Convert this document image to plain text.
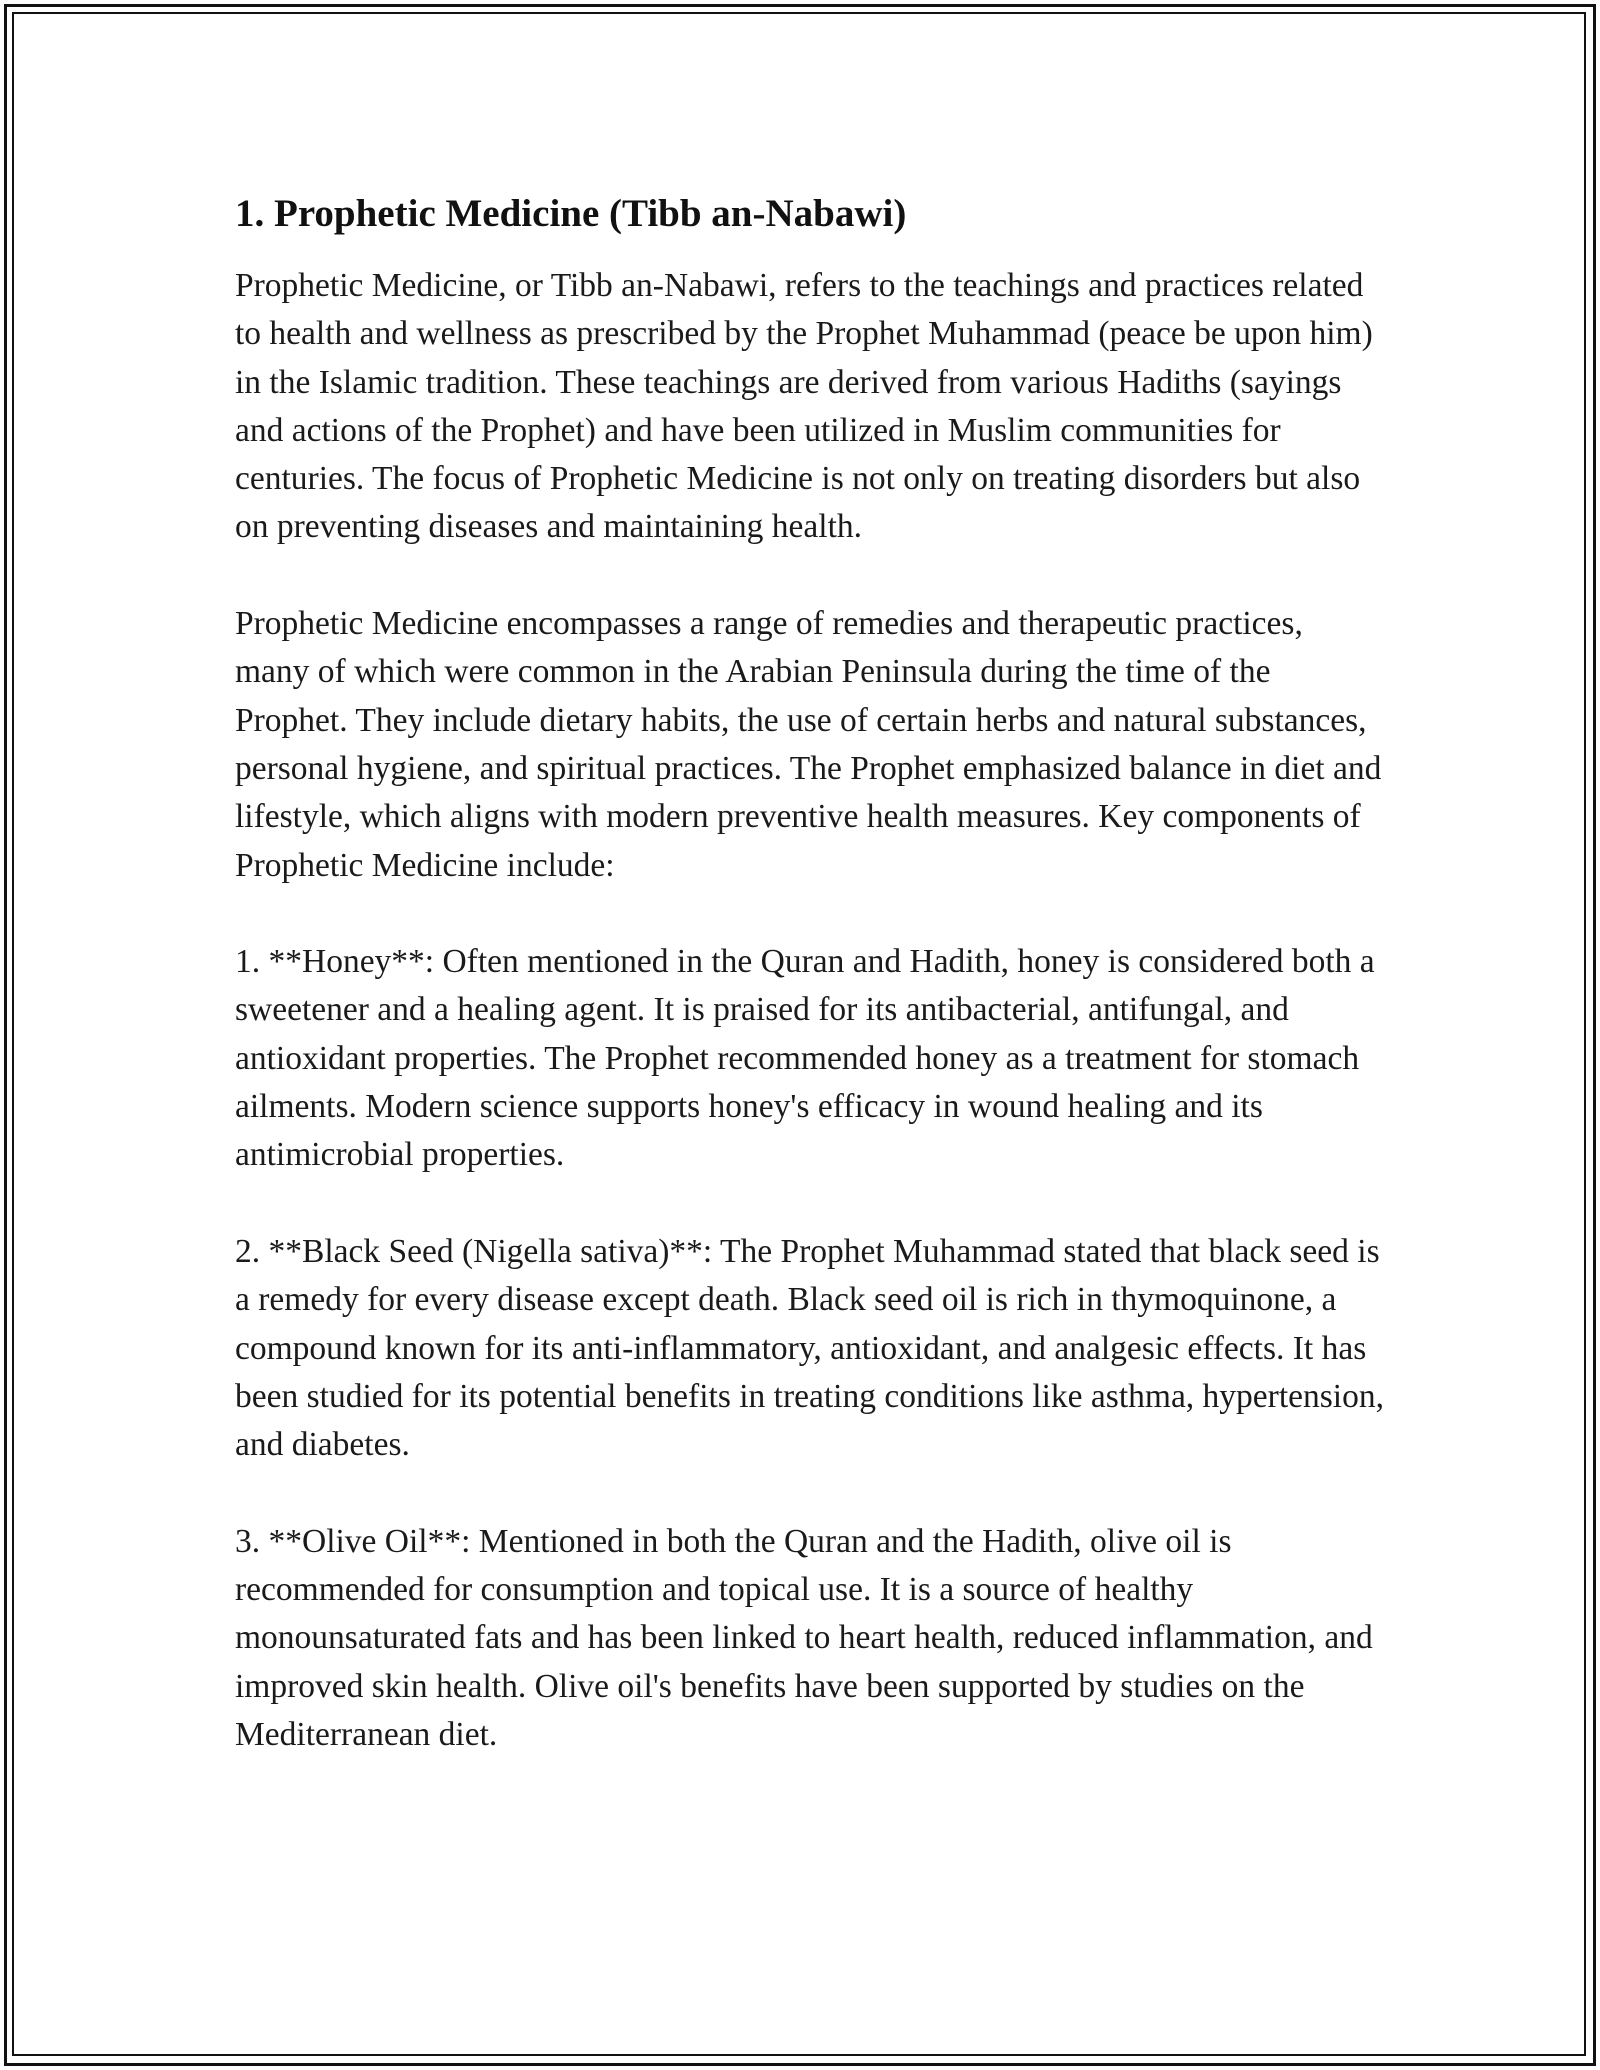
1. Prophetic Medicine (Tibb an-Nabawi)

Prophetic Medicine, or Tibb an-Nabawi, refers to the teachings and practices related to health and wellness as prescribed by the Prophet Muhammad (peace be upon him) in the Islamic tradition. These teachings are derived from various Hadiths (sayings and actions of the Prophet) and have been utilized in Muslim communities for centuries. The focus of Prophetic Medicine is not only on treating disorders but also on preventing diseases and maintaining health.

Prophetic Medicine encompasses a range of remedies and therapeutic practices, many of which were common in the Arabian Peninsula during the time of the Prophet. They include dietary habits, the use of certain herbs and natural substances, personal hygiene, and spiritual practices. The Prophet emphasized balance in diet and lifestyle, which aligns with modern preventive health measures. Key components of Prophetic Medicine include:

1. **Honey**: Often mentioned in the Quran and Hadith, honey is considered both a sweetener and a healing agent. It is praised for its antibacterial, antifungal, and antioxidant properties. The Prophet recommended honey as a treatment for stomach ailments. Modern science supports honey's efficacy in wound healing and its antimicrobial properties.

2. **Black Seed (Nigella sativa)**: The Prophet Muhammad stated that black seed is a remedy for every disease except death. Black seed oil is rich in thymoquinone, a compound known for its anti-inflammatory, antioxidant, and analgesic effects. It has been studied for its potential benefits in treating conditions like asthma, hypertension, and diabetes.

3. **Olive Oil**: Mentioned in both the Quran and the Hadith, olive oil is recommended for consumption and topical use. It is a source of healthy monounsaturated fats and has been linked to heart health, reduced inflammation, and improved skin health. Olive oil's benefits have been supported by studies on the Mediterranean diet.
